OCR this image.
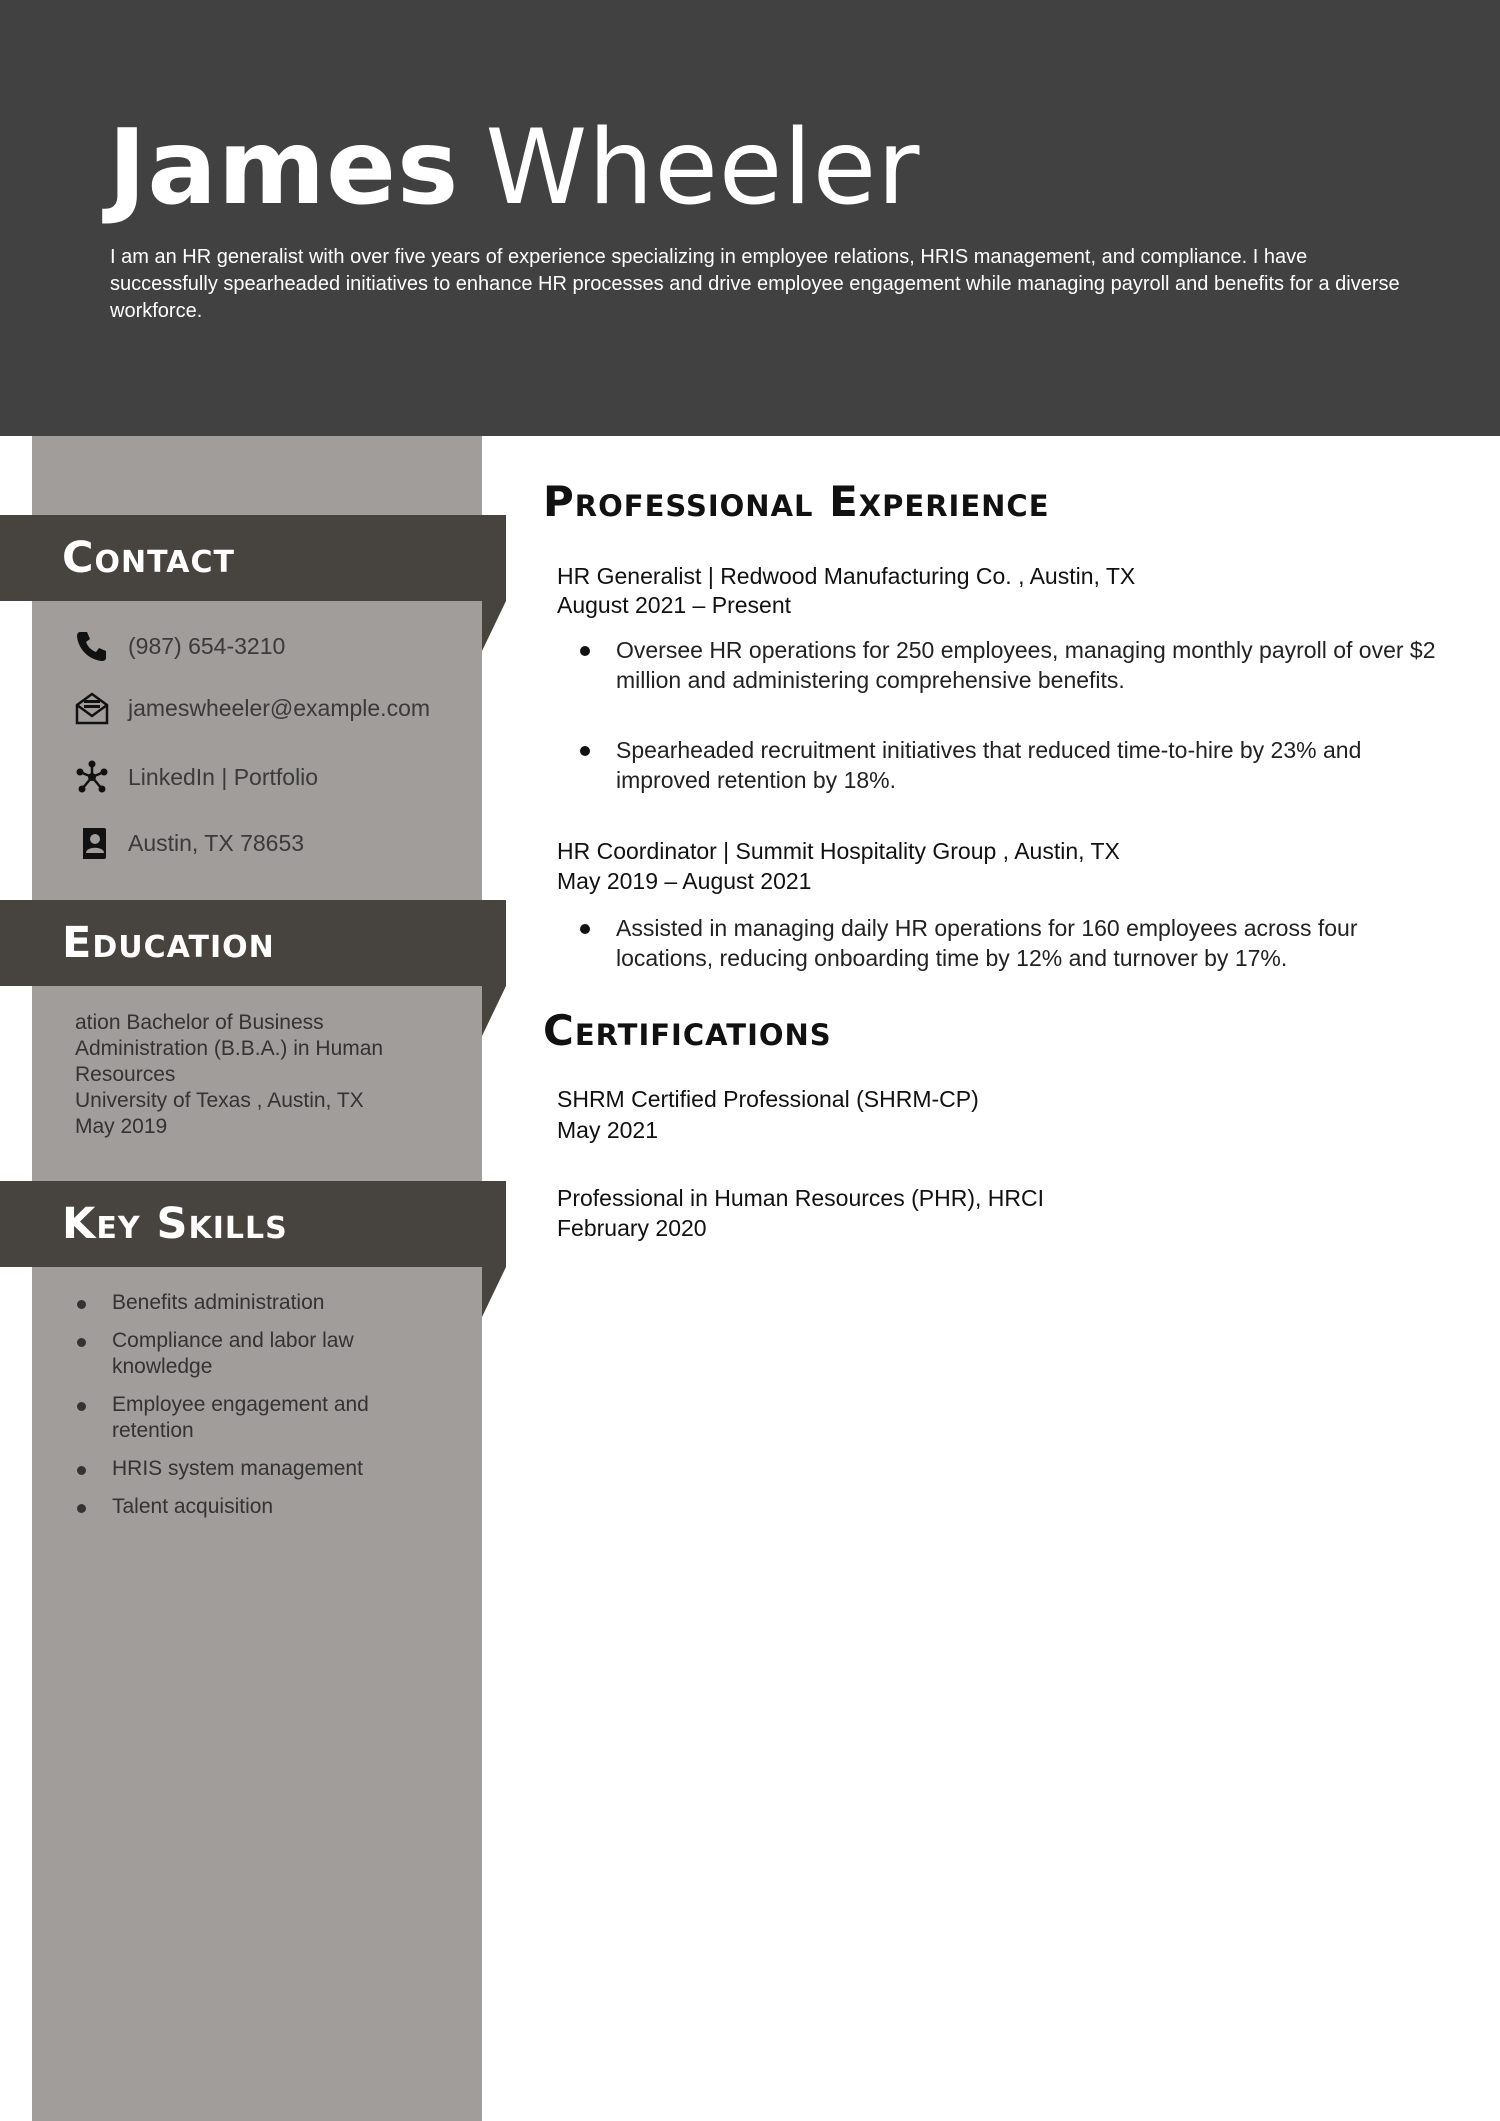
James Wheeler

I am an HR generalist with over five years of experience specializing in employee relations, HRIS management, and compliance. I have successfully spearheaded initiatives to enhance HR processes and drive employee engagement while managing payroll and benefits for a diverse workforce.

Contact
(987) 654-3210
jameswheeler@example.com
LinkedIn | Portfolio
Austin, TX 78653
Education
ation Bachelor of Business Administration (B.B.A.) in Human Resources
University of Texas , Austin, TX
May 2019
Key Skills
Benefits administration
Compliance and labor law knowledge
Employee engagement and retention
HRIS system management
Talent acquisition
Professional Experience
HR Generalist | Redwood Manufacturing Co. , Austin, TX
August 2021 – Present
Oversee HR operations for 250 employees, managing monthly payroll of over $2 million and administering comprehensive benefits.
Spearheaded recruitment initiatives that reduced time-to-hire by 23% and improved retention by 18%.
HR Coordinator | Summit Hospitality Group , Austin, TX
May 2019 – August 2021
Assisted in managing daily HR operations for 160 employees across four locations, reducing onboarding time by 12% and turnover by 17%.
Certifications
SHRM Certified Professional (SHRM-CP)
May 2021
Professional in Human Resources (PHR), HRCI
February 2020
